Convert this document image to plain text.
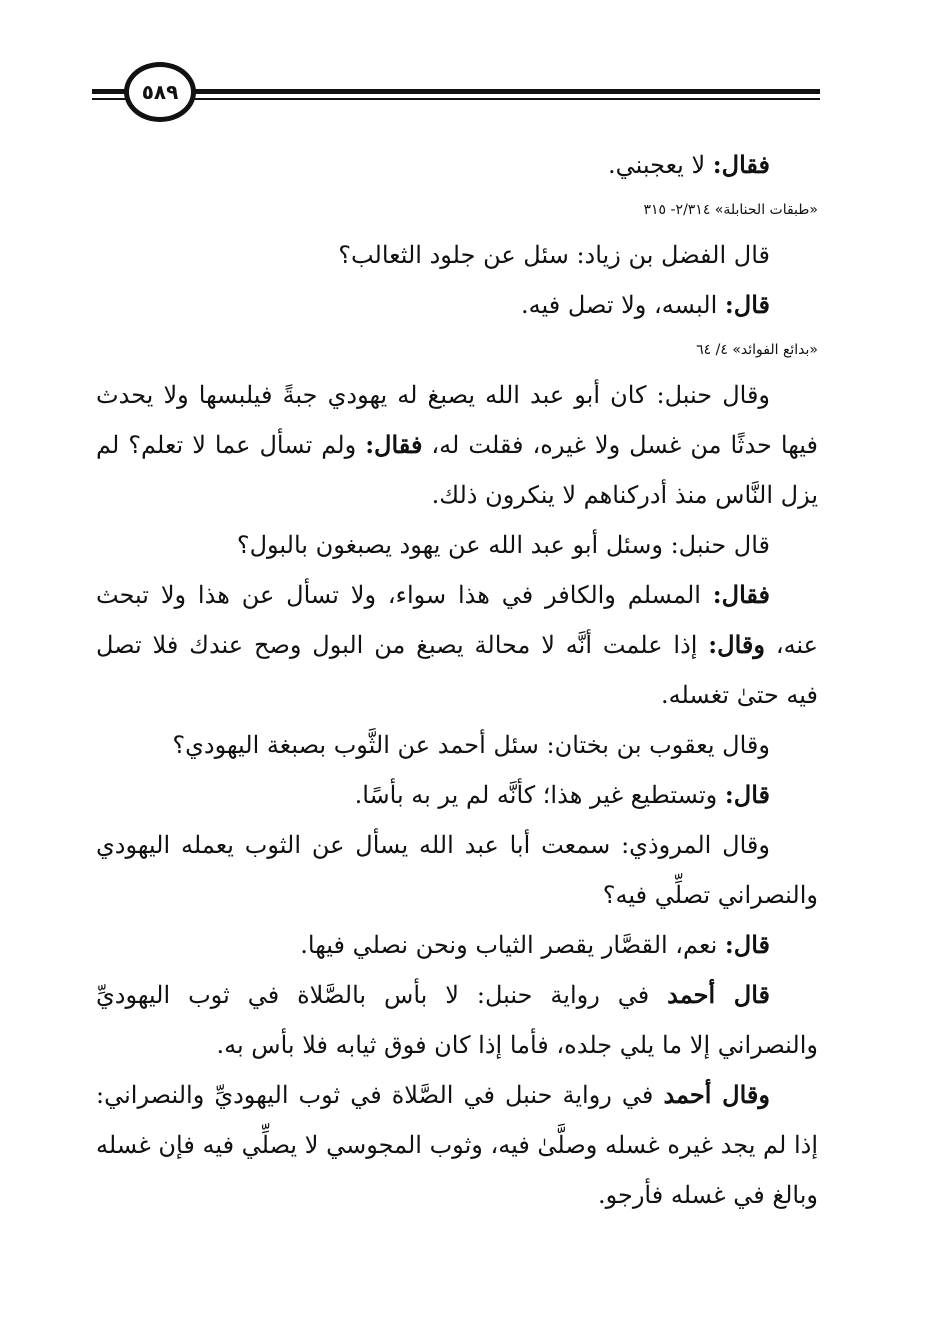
٥٨٩
فقال: لا يعجبني.
«طبقات الحنابلة» ٢/٣١٤- ٣١٥
قال الفضل بن زياد: سئل عن جلود الثعالب؟
قال: البسه، ولا تصل فيه.
«بدائع الفوائد» ٤/ ٦٤
وقال حنبل: كان أبو عبد الله يصبغ له يهودي جبةً فيلبسها ولا يحدث
فيها حدثًا من غسل ولا غيره، فقلت له، فقال: ولم تسأل عما لا تعلم؟ لم
يزل النَّاس منذ أدركناهم لا ينكرون ذلك.
قال حنبل: وسئل أبو عبد الله عن يهود يصبغون بالبول؟
فقال: المسلم والكافر في هذا سواء، ولا تسأل عن هذا ولا تبحث
عنه، وقال: إذا علمت أنَّه لا محالة يصبغ من البول وصح عندك فلا تصل
فيه حتىٰ تغسله.
وقال يعقوب بن بختان: سئل أحمد عن الثَّوب بصبغة اليهودي؟
قال: وتستطيع غير هذا؛ كأنَّه لم ير به بأسًا.
وقال المروذي: سمعت أبا عبد الله يسأل عن الثوب يعمله اليهودي
والنصراني تصلِّي فيه؟
قال: نعم، القصَّار يقصر الثياب ونحن نصلي فيها.
قال أحمد في رواية حنبل: لا بأس بالصَّلاة في ثوب اليهوديِّ
والنصراني إلا ما يلي جلده، فأما إذا كان فوق ثيابه فلا بأس به.
وقال أحمد في رواية حنبل في الصَّلاة في ثوب اليهوديِّ والنصراني:
إذا لم يجد غيره غسله وصلَّىٰ فيه، وثوب المجوسي لا يصلِّي فيه فإن غسله
وبالغ في غسله فأرجو.
